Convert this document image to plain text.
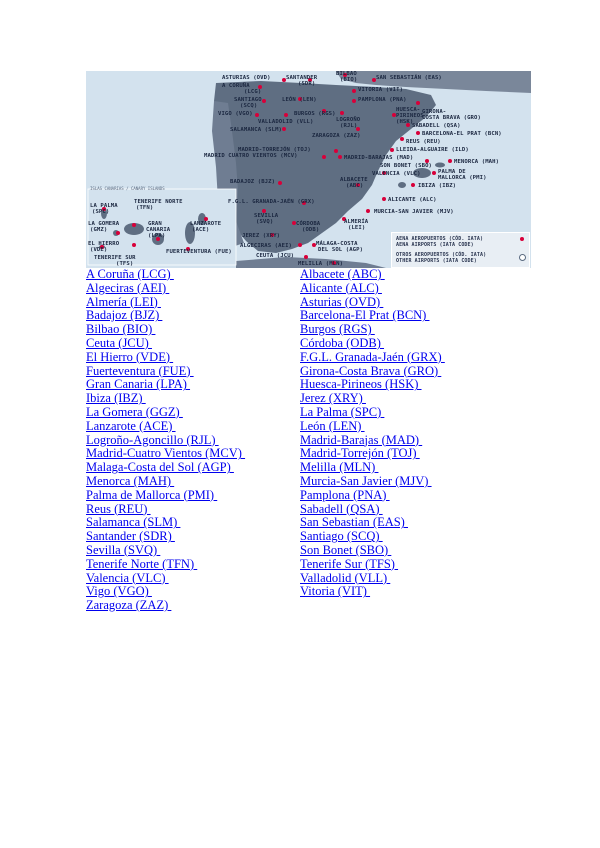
BILBAO
(BIO)
ASTURIAS (OVD)	SANTANDER
(SDR)
SAN SEBASTIÁN (EAS)
A CORUÑA
(LCG)	VITORIA (VIT)
SANTIAGO
(SCQ)
LEÓN (LEN)	PAMPLONA (PNA)
GIRONA-
COSTA BRAVA (GRO)
VIGO (VGO)
VALLADOLID (VLL)
BURGOS (RGS)
LOGROÑO
(RJL)
HUESCA-
PIRINEOS
(HSK)
SABADELL (QSA)
SALAMANCA (SLM)
ZARAGOZA (ZAZ)	BARCELONA-EL PRAT (BCN)
REUS (REU)
MADRID-TORREJÓN (TOJ)	LLEIDA-ALGUAIRE (ILD)
MADRID CUATRO VIENTOS (MCV)	MADRID-BARAJAS (MAD)
SON BONET (SBO)
MENORCA (MAH)
VALENCIA (VLC)	PALMA DE
MALLORCA (PMI)
BADAJOZ (BJZ)	ALBACETE
(ABC)	IBIZA (IBZ)
ALICANTE (ALC)
ISLAS CANARIAS / CANARY ISLANDS
LA PALMA
(SPC)
TENERIFE NORTE
(TFN)
F.G.L. GRANADA-JAÉN (GRX)
MURCIA-SAN JAVIER (MJV)
SEVILLA
(SVQ)	CÓRDOBA
(ODB)
ALMERÍA
(LEI)
LA GOMERA
(GMZ)
GRAN
CANARIA
(LPA)
LANZAROTE
(ACE)
JEREZ (XRY)
ALGECIRAS (AEI)	MÁLAGA-COSTA
DEL SOL (AGP)
EL HIERRO
(VDE)	FUERTEVENTURA (FUE)
TENERIFE SUR
(TFS)
CEUTA (JCU)
MELILLA (MLN)
AENA AEROPUERTOS (CÓD. IATA)
AENA AIRPORTS (IATA CODE)
OTROS AEROPUERTOS (CÓD. IATA)
OTHER AIRPORTS (IATA CODE)
A Coruña (LCG)
Algeciras (AEI)
Almería (LEI)
Badajoz (BJZ)
Bilbao (BIO)
Ceuta (JCU)
El Hierro (VDE)
Fuerteventura (FUE)
Gran Canaria (LPA)
Ibiza (IBZ)
La Gomera (GGZ)
Lanzarote (ACE)
Logroño-Agoncillo (RJL)
Madrid-Cuatro Vientos (MCV)
Malaga-Costa del Sol (AGP)
Menorca (MAH)
Palma de Mallorca (PMI)
Reus (REU)
Salamanca (SLM)
Santander (SDR)
Sevilla (SVQ)
Tenerife Norte (TFN)
Valencia (VLC)
Vigo (VGO)
Zaragoza (ZAZ)
Albacete (ABC)
Alicante (ALC)
Asturias (OVD)
Barcelona-El Prat (BCN)
Burgos (RGS)
Córdoba (ODB)
F.G.L. Granada-Jaén (GRX)
Girona-Costa Brava (GRO)
Huesca-Pirineos (HSK)
Jerez (XRY)
La Palma (SPC)
León (LEN)
Madrid-Barajas (MAD)
Madrid-Torrejón (TOJ)
Melilla (MLN)
Murcia-San Javier (MJV)
Pamplona (PNA)
Sabadell (QSA)
San Sebastian (EAS)
Santiago (SCQ)
Son Bonet (SBO)
Tenerife Sur (TFS)
Valladolid (VLL)
Vitoria (VIT)
